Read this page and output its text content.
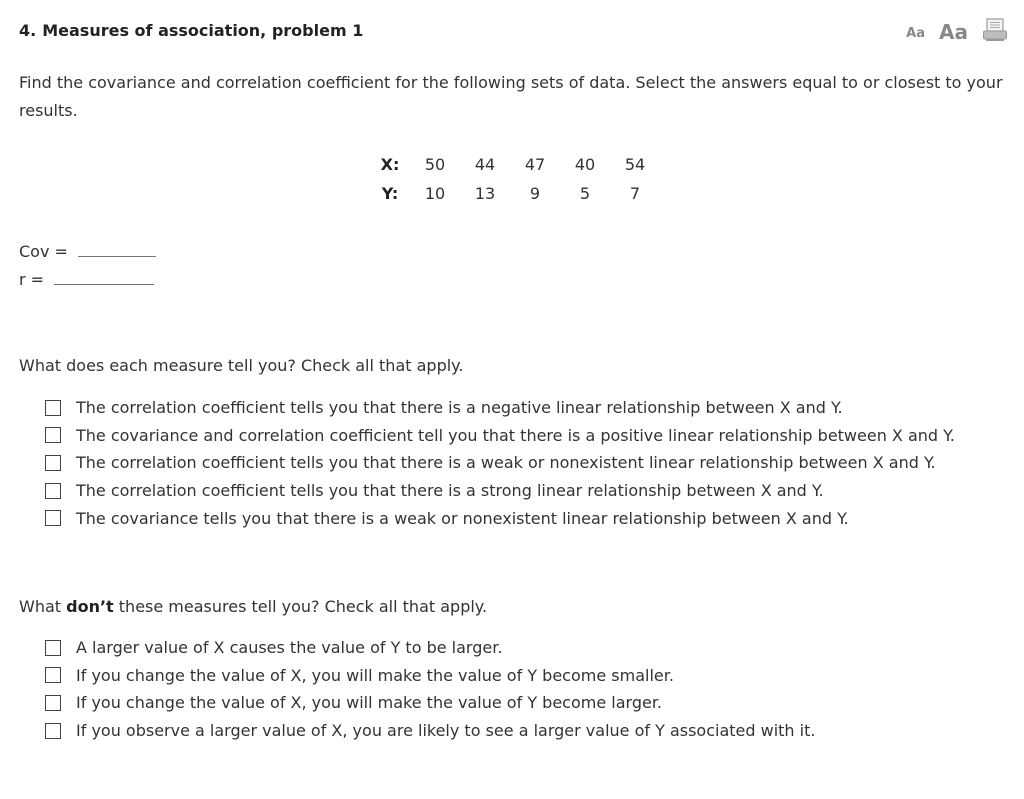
4. Measures of association, problem 1	Aa Aa

Find the covariance and correlation coefficient for the following sets of data. Select the answers equal to or closest to your results.

X:	50	44	47	40	54
Y:	10	13	9	5	7
Cov =
r =

What does each measure tell you? Check all that apply.

The correlation coefficient tells you that there is a negative linear relationship between X and Y.
The covariance and correlation coefficient tell you that there is a positive linear relationship between X and Y.
The correlation coefficient tells you that there is a weak or nonexistent linear relationship between X and Y.
The correlation coefficient tells you that there is a strong linear relationship between X and Y.
The covariance tells you that there is a weak or nonexistent linear relationship between X and Y.

What don’t these measures tell you? Check all that apply.

A larger value of X causes the value of Y to be larger.
If you change the value of X, you will make the value of Y become smaller.
If you change the value of X, you will make the value of Y become larger.
If you observe a larger value of X, you are likely to see a larger value of Y associated with it.
